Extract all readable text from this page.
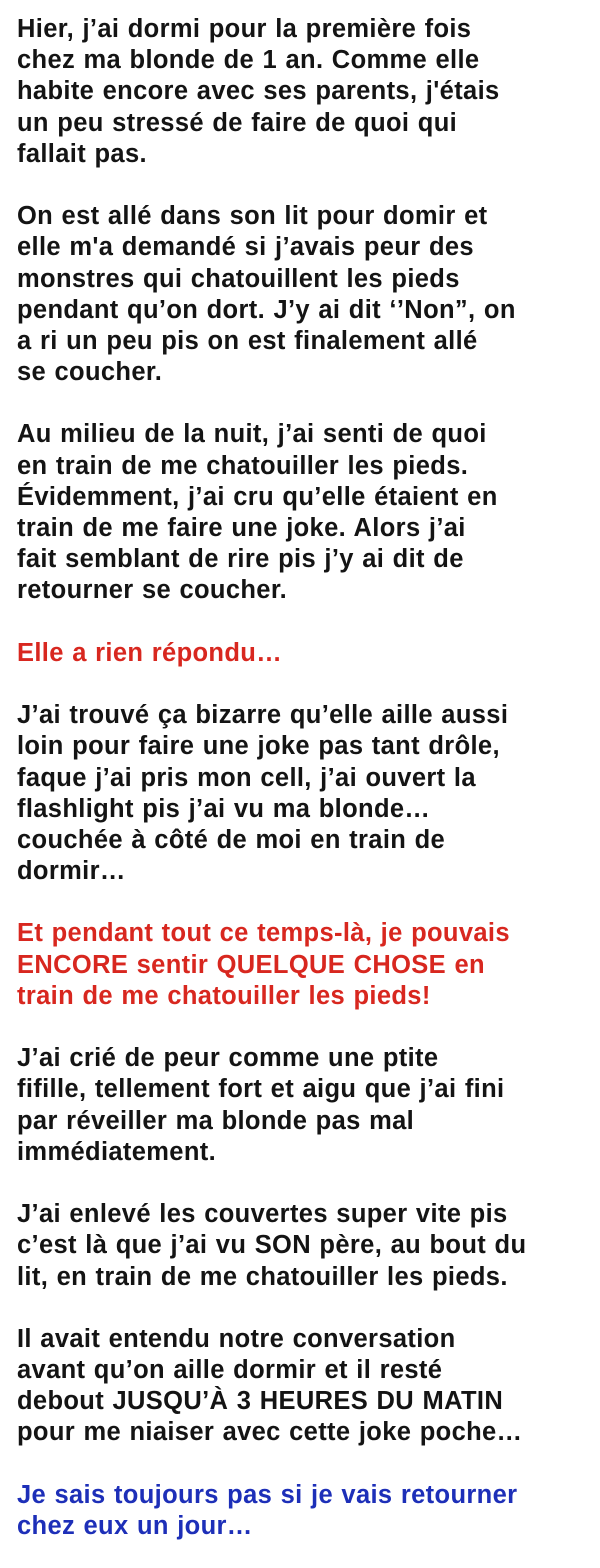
Hier, j’ai dormi pour la première fois
chez ma blonde de 1 an. Comme elle
habite encore avec ses parents, j'étais
un peu stressé de faire de quoi qui
fallait pas.
On est allé dans son lit pour domir et
elle m'a demandé si j’avais peur des
monstres qui chatouillent les pieds
pendant qu’on dort. J’y ai dit ‘’Non”, on
a ri un peu pis on est finalement allé
se coucher.
Au milieu de la nuit, j’ai senti de quoi
en train de me chatouiller les pieds.
Évidemment, j’ai cru qu’elle étaient en
train de me faire une joke. Alors j’ai
fait semblant de rire pis j’y ai dit de
retourner se coucher.
Elle a rien répondu…
J’ai trouvé ça bizarre qu’elle aille aussi
loin pour faire une joke pas tant drôle,
faque j’ai pris mon cell, j’ai ouvert la
flashlight pis j’ai vu ma blonde…
couchée à côté de moi en train de
dormir…
Et pendant tout ce temps-là, je pouvais
ENCORE sentir QUELQUE CHOSE en
train de me chatouiller les pieds!
J’ai crié de peur comme une ptite
fifille, tellement fort et aigu que j’ai fini
par réveiller ma blonde pas mal
immédiatement.
J’ai enlevé les couvertes super vite pis
c’est là que j’ai vu SON père, au bout du
lit, en train de me chatouiller les pieds.
Il avait entendu notre conversation
avant qu’on aille dormir et il resté
debout JUSQU’À 3 HEURES DU MATIN
pour me niaiser avec cette joke poche…
Je sais toujours pas si je vais retourner
chez eux un jour…
